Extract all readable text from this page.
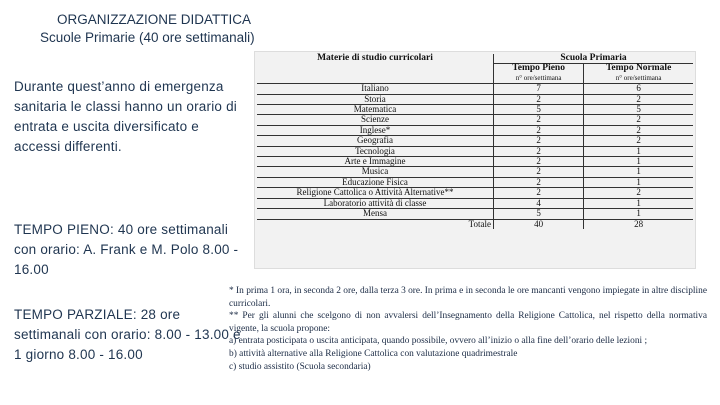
ORGANIZZAZIONE DIDATTICA
Scuole Primarie (40 ore settimanali)
Durante quest’anno di emergenza sanitaria le classi hanno un orario di entrata e uscita diversificato e accessi differenti.
TEMPO PIENO: 40 ore settimanali con orario: A. Frank e M. Polo 8.00 - 16.00
TEMPO PARZIALE: 28 ore settimanali con orario: 8.00 - 13.00 e 1 giorno 8.00 - 16.00
Materie di studio curricolari	Scuola Primaria	
	Tempo Pieno	Tempo Normale
	n° ore/settimana	n° ore/settimana
Italiano	7	6
Storia	2	2
Matematica	5	5
Scienze	2	2
Inglese*	2	2
Geografia	2	2
Tecnologia	2	1
Arte e Immagine	2	1
Musica	2	1
Educazione Fisica	2	1
Religione Cattolica o Attività Alternative**	2	2
Laboratorio attività di classe	4	1
Mensa	5	1
Totale	40	28

* In prima 1 ora, in seconda 2 ore, dalla terza 3 ore. In prima e in seconda le ore mancanti vengono impiegate in altre discipline curricolari.

** Per gli alunni che scelgono di non avvalersi dell’Insegnamento della Religione Cattolica, nel rispetto della normativa vigente, la scuola propone:

a) entrata posticipata o uscita anticipata, quando possibile, ovvero all’inizio o alla fine dell’orario delle lezioni ;

b) attività alternative alla Religione Cattolica con valutazione quadrimestrale

c) studio assistito (Scuola secondaria)
